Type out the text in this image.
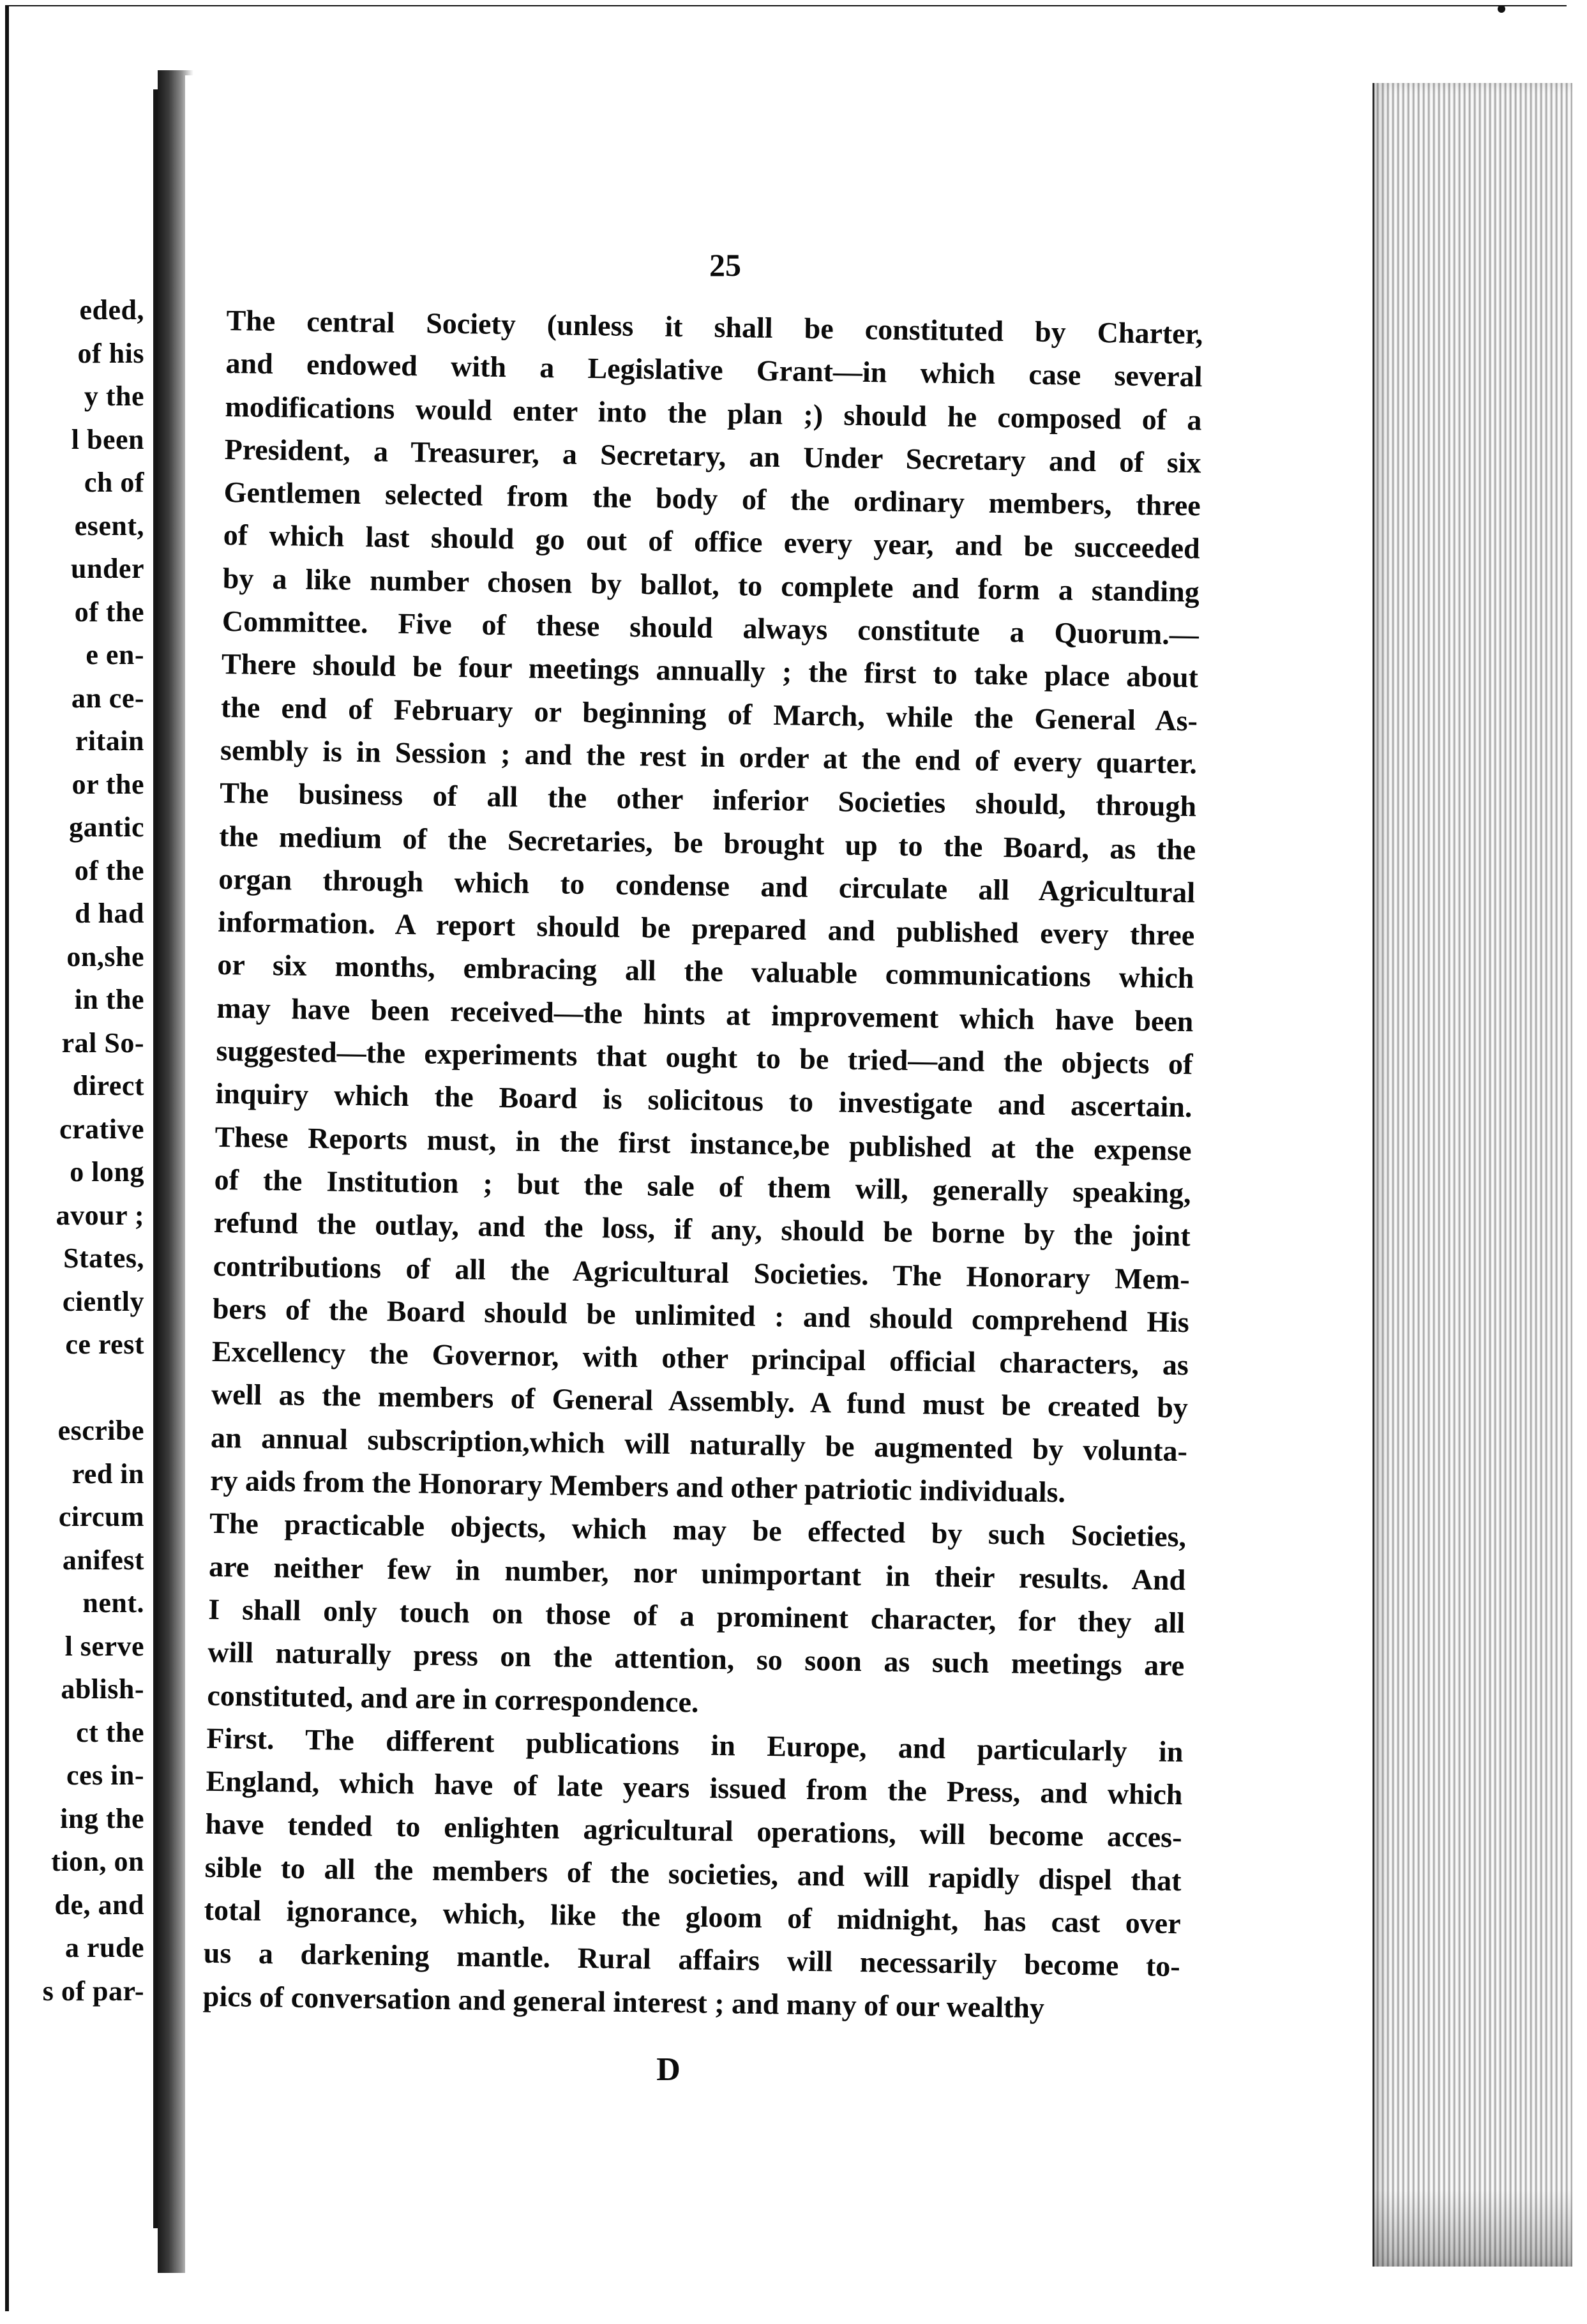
eded,
of his
y the
l been
ch of
esent,
under
of the
e en-
an ce-
ritain
or the
gantic
of the
d had
on,she
in the
ral So-
direct
crative
o long
avour ;
States,
ciently
ce rest
escribe
red in
circum
anifest
nent.
l serve
ablish-
ct the
ces in-
ing the
tion, on
de, and
a rude
s of par-
25
The central Society (unless it shall be constituted by Charter,
and endowed with a Legislative Grant—in which case several
modifications would enter into the plan ;) should he composed of a
President, a Treasurer, a Secretary, an Under Secretary and of six
Gentlemen selected from the body of the ordinary members, three
of which last should go out of office every year, and be succeeded
by a like number chosen by ballot, to complete and form a standing
Committee. Five of these should always constitute a Quorum.—
There should be four meetings annually ; the first to take place about
the end of February or beginning of March, while the General As-
sembly is in Session ; and the rest in order at the end of every quarter.
The business of all the other inferior Societies should, through
the medium of the Secretaries, be brought up to the Board, as the
organ through which to condense and circulate all Agricultural
information. A report should be prepared and published every three
or six months, embracing all the valuable communications which
may have been received—the hints at improvement which have been
suggested—the experiments that ought to be tried—and the objects of
inquiry which the Board is solicitous to investigate and ascertain.
These Reports must, in the first instance,be published at the expense
of the Institution ; but the sale of them will, generally speaking,
refund the outlay, and the loss, if any, should be borne by the joint
contributions of all the Agricultural Societies. The Honorary Mem-
bers of the Board should be unlimited : and should comprehend His
Excellency the Governor, with other principal official characters, as
well as the members of General Assembly. A fund must be created by
an annual subscription,which will naturally be augmented by volunta-
ry aids from the Honorary Members and other patriotic individuals.
The practicable objects, which may be effected by such Societies,
are neither few in number, nor unimportant in their results. And
I shall only touch on those of a prominent character, for they all
will naturally press on the attention, so soon as such meetings are
constituted, and are in correspondence.
First. The different publications in Europe, and particularly in
England, which have of late years issued from the Press, and which
have tended to enlighten agricultural operations, will become acces-
sible to all the members of the societies, and will rapidly dispel that
total ignorance, which, like the gloom of midnight, has cast over
us a darkening mantle. Rural affairs will necessarily become to-
pics of conversation and general interest ; and many of our wealthy
D
